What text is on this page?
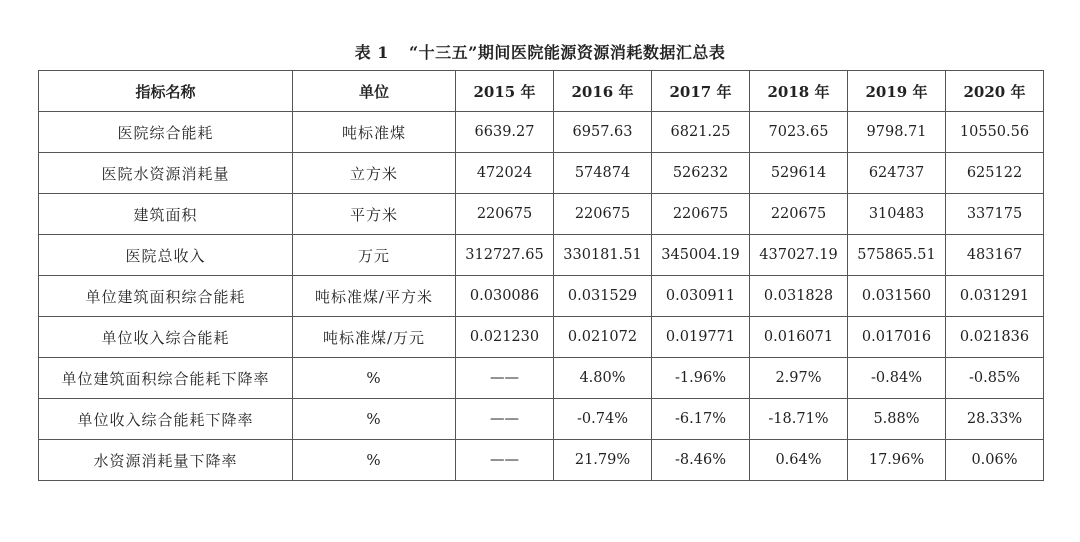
表 1 “十三五”期间医院能源资源消耗数据汇总表
指标名称	单位	2015 年	2016 年	2017 年	2018 年	2019 年	2020 年
医院综合能耗	吨标准煤	6639.27	6957.63	6821.25	7023.65	9798.71	10550.56
医院水资源消耗量	立方米	472024	574874	526232	529614	624737	625122
建筑面积	平方米	220675	220675	220675	220675	310483	337175
医院总收入	万元	312727.65	330181.51	345004.19	437027.19	575865.51	483167
单位建筑面积综合能耗	吨标准煤/平方米	0.030086	0.031529	0.030911	0.031828	0.031560	0.031291
单位收入综合能耗	吨标准煤/万元	0.021230	0.021072	0.019771	0.016071	0.017016	0.021836
单位建筑面积综合能耗下降率	%	——	4.80%	-1.96%	2.97%	-0.84%	-0.85%
单位收入综合能耗下降率	%	——	-0.74%	-6.17%	-18.71%	5.88%	28.33%
水资源消耗量下降率	%	——	21.79%	-8.46%	0.64%	17.96%	0.06%
